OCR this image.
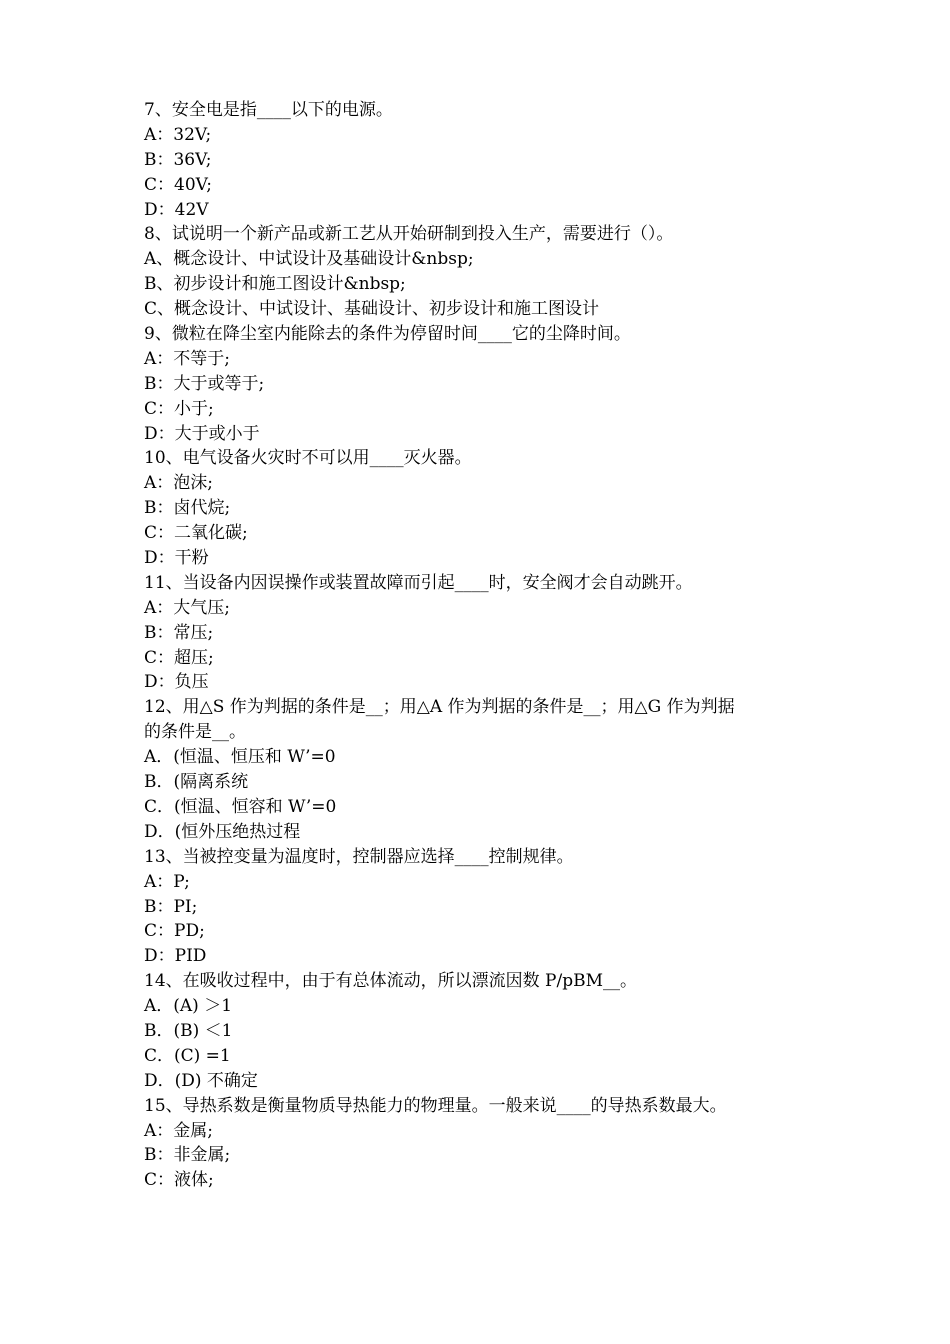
7、安全电是指____以下的电源。
A：32V;
B：36V;
C：40V;
D：42V
8、试说明一个新产品或新工艺从开始研制到投入生产，需要进行（）。
A、概念设计、中试设计及基础设计&nbsp;
B、初步设计和施工图设计&nbsp;
C、概念设计、中试设计、基础设计、初步设计和施工图设计
9、微粒在降尘室内能除去的条件为停留时间____它的尘降时间。
A：不等于;
B：大于或等于;
C：小于;
D：大于或小于
10、电气设备火灾时不可以用____灭火器。
A：泡沫;
B：卤代烷;
C：二氧化碳;
D：干粉
11、当设备内因误操作或装置故障而引起____时，安全阀才会自动跳开。
A：大气压;
B：常压;
C：超压;
D：负压
12、用△S 作为判据的条件是__；用△A 作为判据的条件是__；用△G 作为判据
的条件是__。
A．(恒温、恒压和 W’=0
B．(隔离系统
C．(恒温、恒容和 W’=0
D．(恒外压绝热过程
13、当被控变量为温度时，控制器应选择____控制规律。
A：P;
B：PI;
C：PD;
D：PID
14、在吸收过程中，由于有总体流动，所以漂流因数 P/pBM__。
A．(A) ＞1
B．(B) ＜1
C．(C) =1
D．(D) 不确定
15、导热系数是衡量物质导热能力的物理量。一般来说____的导热系数最大。
A：金属;
B：非金属;
C：液体;
